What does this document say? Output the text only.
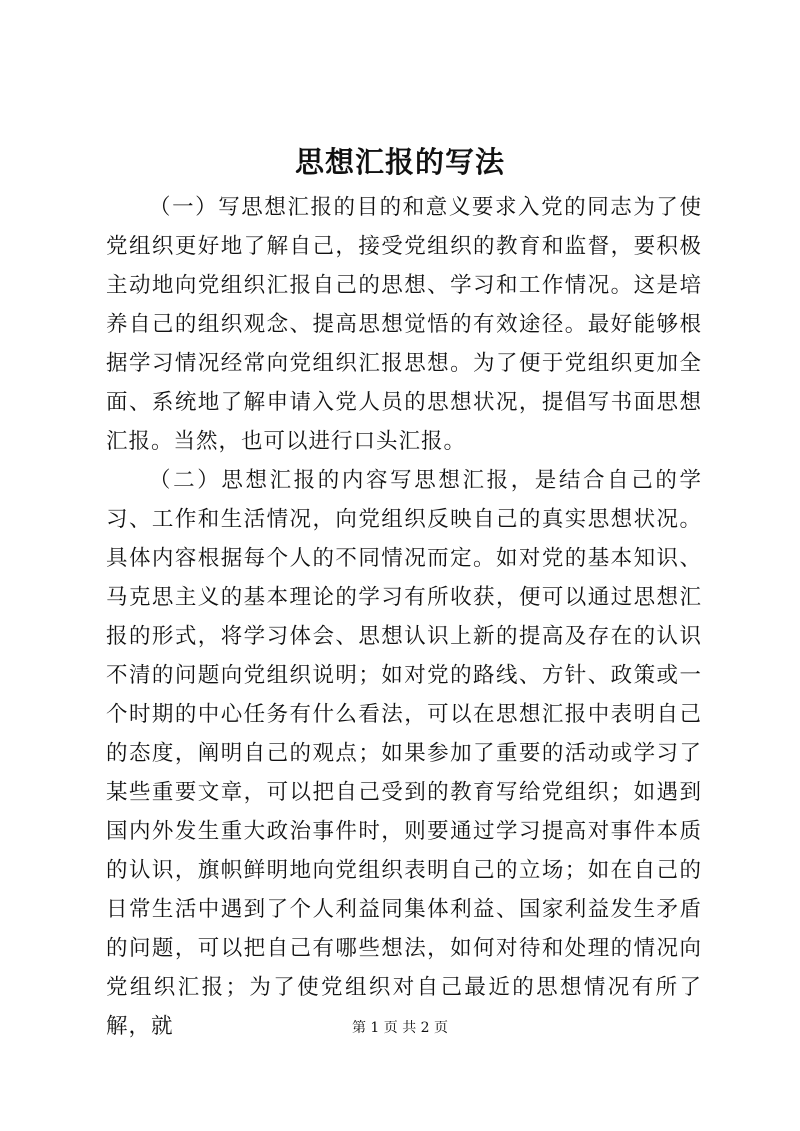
思想汇报的写法

（一）写思想汇报的目的和意义要求入党的同志为了使党组织更好地了解自己，接受党组织的教育和监督，要积极主动地向党组织汇报自己的思想、学习和工作情况。这是培养自己的组织观念、提高思想觉悟的有效途径。最好能够根据学习情况经常向党组织汇报思想。为了便于党组织更加全面、系统地了解申请入党人员的思想状况，提倡写书面思想汇报。当然，也可以进行口头汇报。

（二）思想汇报的内容写思想汇报，是结合自己的学习、工作和生活情况，向党组织反映自己的真实思想状况。具体内容根据每个人的不同情况而定。如对党的基本知识、马克思主义的基本理论的学习有所收获，便可以通过思想汇报的形式，将学习体会、思想认识上新的提高及存在的认识不清的问题向党组织说明；如对党的路线、方针、政策或一个时期的中心任务有什么看法，可以在思想汇报中表明自己的态度，阐明自己的观点；如果参加了重要的活动或学习了某些重要文章，可以把自己受到的教育写给党组织；如遇到国内外发生重大政治事件时，则要通过学习提高对事件本质的认识，旗帜鲜明地向党组织表明自己的立场；如在自己的日常生活中遇到了个人利益同集体利益、国家利益发生矛盾的问题，可以把自己有哪些想法，如何对待和处理的情况向党组织汇报；为了使党组织对自己最近的思想情况有所了解，就	第 1 页 共 2 页
